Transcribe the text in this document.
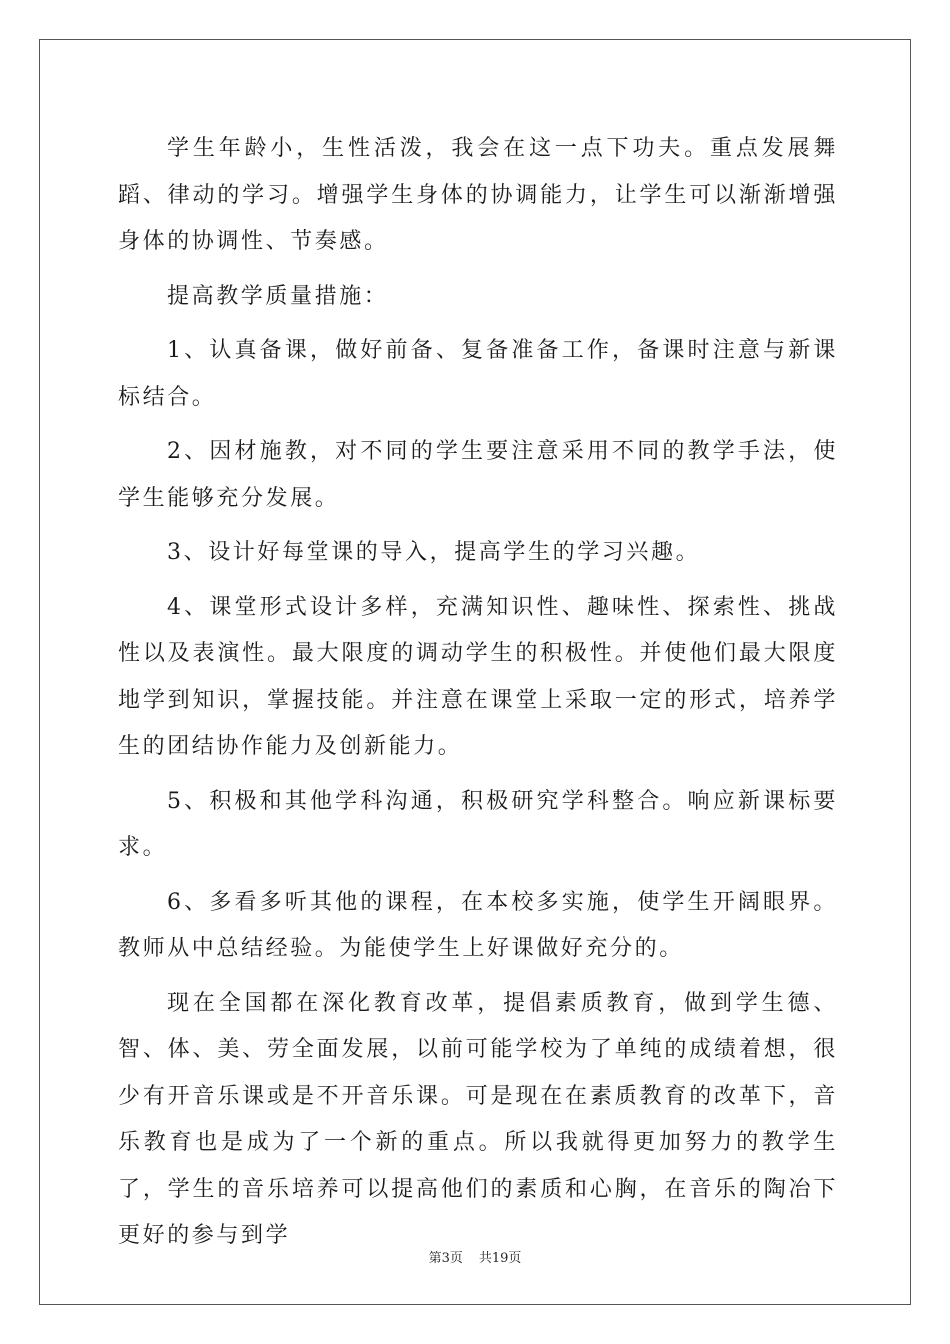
学生年龄小，生性活泼，我会在这一点下功夫。重点发展舞蹈、律动的学习。增强学生身体的协调能力，让学生可以渐渐增强身体的协调性、节奏感。

提高教学质量措施：

1、认真备课，做好前备、复备准备工作，备课时注意与新课标结合。

2、因材施教，对不同的学生要注意采用不同的教学手法，使学生能够充分发展。

3、设计好每堂课的导入，提高学生的学习兴趣。

4、课堂形式设计多样，充满知识性、趣味性、探索性、挑战性以及表演性。最大限度的调动学生的积极性。并使他们最大限度地学到知识，掌握技能。并注意在课堂上采取一定的形式，培养学生的团结协作能力及创新能力。

5、积极和其他学科沟通，积极研究学科整合。响应新课标要求。

6、多看多听其他的课程，在本校多实施，使学生开阔眼界。教师从中总结经验。为能使学生上好课做好充分的。

现在全国都在深化教育改革，提倡素质教育，做到学生德、智、体、美、劳全面发展，以前可能学校为了单纯的成绩着想，很少有开音乐课或是不开音乐课。可是现在在素质教育的改革下，音乐教育也是成为了一个新的重点。所以我就得更加努力的教学生了，学生的音乐培养可以提高他们的素质和心胸，在音乐的陶冶下更好的参与到学

第3页 共19页
